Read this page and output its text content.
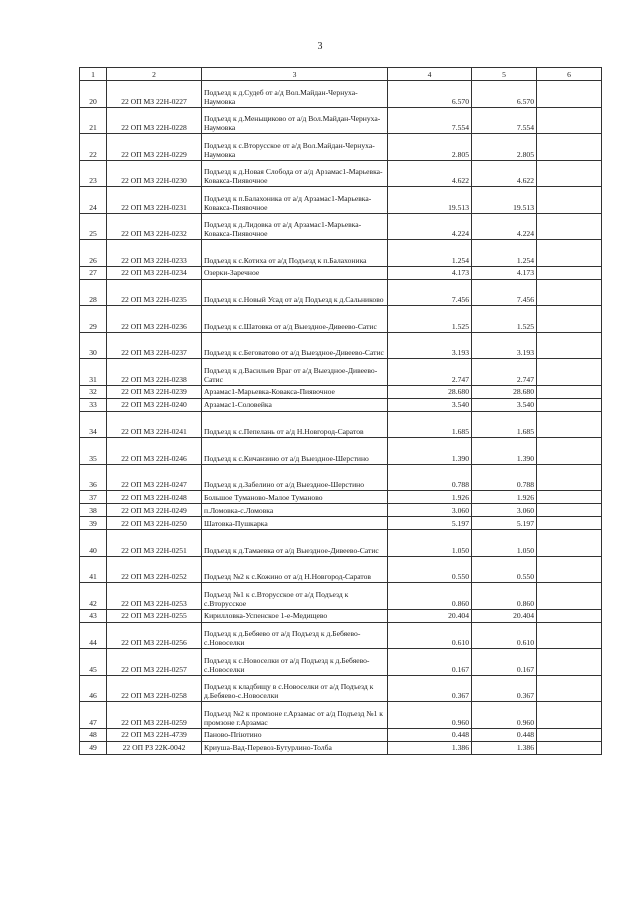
3
1	2	3	4	5	6
20	22 ОП МЗ 22Н-0227	Подъезд к д.Судеб от а/д Вол.Майдан-Чернуха-Наумовка	6.570	6.570	
21	22 ОП МЗ 22Н-0228	Подъезд к д.Меньщиково от а/д Вол.Майдан-Чернуха-Наумовка	7.554	7.554	
22	22 ОП МЗ 22Н-0229	Подъезд к с.Вторусское от а/д Вол.Майдан-Чернуха-Наумовка	2.805	2.805	
23	22 ОП МЗ 22Н-0230	Подъезд к д.Новая Слобода от а/д Арзамас1-Марьевка-Ковакса-Пиявочное	4.622	4.622	
24	22 ОП МЗ 22Н-0231	Подъезд к п.Балахоника от а/д Арзамас1-Марьевка-Ковакса-Пиявочное	19.513	19.513	
25	22 ОП МЗ 22Н-0232	Подъезд к д.Лидовка от а/д Арзамас1-Марьевка-Ковакса-Пиявочное	4.224	4.224	
26	22 ОП МЗ 22Н-0233	Подъезд к с.Котиха от а/д Подъезд к п.Балахоника	1.254	1.254	
27	22 ОП МЗ 22Н-0234	Озерки-Заречное	4.173	4.173	
28	22 ОП МЗ 22Н-0235	Подъезд к с.Новый Усад от а/д Подъезд к д.Сальниково	7.456	7.456	
29	22 ОП МЗ 22Н-0236	Подъезд к с.Шатовка от а/д Выездное-Дивеево-Сатис	1.525	1.525	
30	22 ОП МЗ 22Н-0237	Подъезд к с.Беговатово от а/д Выездное-Дивеево-Сатис	3.193	3.193	
31	22 ОП МЗ 22Н-0238	Подъезд к д.Васильев Враг от а/д Выездное-Дивеево-Сатис	2.747	2.747	
32	22 ОП МЗ 22Н-0239	Арзамас1-Марьевка-Ковакса-Пиявочное	28.680	28.680	
33	22 ОП МЗ 22Н-0240	Арзамас1-Соловейка	3.540	3.540	
34	22 ОП МЗ 22Н-0241	Подъезд к с.Пепелань от а/д Н.Новгород-Саратов	1.685	1.685	
35	22 ОП МЗ 22Н-0246	Подъезд к с.Кичанзино от а/д Выездное-Шерстино	1.390	1.390	
36	22 ОП МЗ 22Н-0247	Подъезд к д.Забелино от а/д Выездное-Шерстино	0.788	0.788	
37	22 ОП МЗ 22Н-0248	Большое Туманово-Малое Туманово	1.926	1.926	
38	22 ОП МЗ 22Н-0249	п.Ломовка-с.Ломовка	3.060	3.060	
39	22 ОП МЗ 22Н-0250	Шатовка-Пушкарка	5.197	5.197	
40	22 ОП МЗ 22Н-0251	Подъезд к д.Тамаевка от а/д Выездное-Дивеево-Сатис	1.050	1.050	
41	22 ОП МЗ 22Н-0252	Подъезд №2 к с.Кожино от а/д Н.Новгород-Саратов	0.550	0.550	
42	22 ОП МЗ 22Н-0253	Подъезд №1 к с.Вторусское от а/д Подъезд к с.Вторусское	0.860	0.860	
43	22 ОП МЗ 22Н-0255	Кирилловка-Успенское 1-е-Медищево	20.404	20.404	
44	22 ОП МЗ 22Н-0256	Подъезд к д.Бебяево от а/д Подъезд к д.Бебяево-с.Новоселки	0.610	0.610	
45	22 ОП МЗ 22Н-0257	Подъезд к с.Новоселки от а/д Подъезд к д.Бебяево-с.Новоселки	0.167	0.167	
46	22 ОП МЗ 22Н-0258	Подъезд к кладбищу в с.Новоселки от а/д Подъезд к д.Бебяево-с.Новоселки	0.367	0.367	
47	22 ОП МЗ 22Н-0259	Подъезд №2 к промзоне г.Арзамас от а/д Подъезд №1 к промзоне г.Арзамас	0.960	0.960	
48	22 ОП МЗ 22Н-4739	Паново-Пriютино	0.448	0.448	
49	22 ОП РЗ 22К-0042	Криуша-Вад-Перевоз-Бутурлино-Толба	1.386	1.386	
